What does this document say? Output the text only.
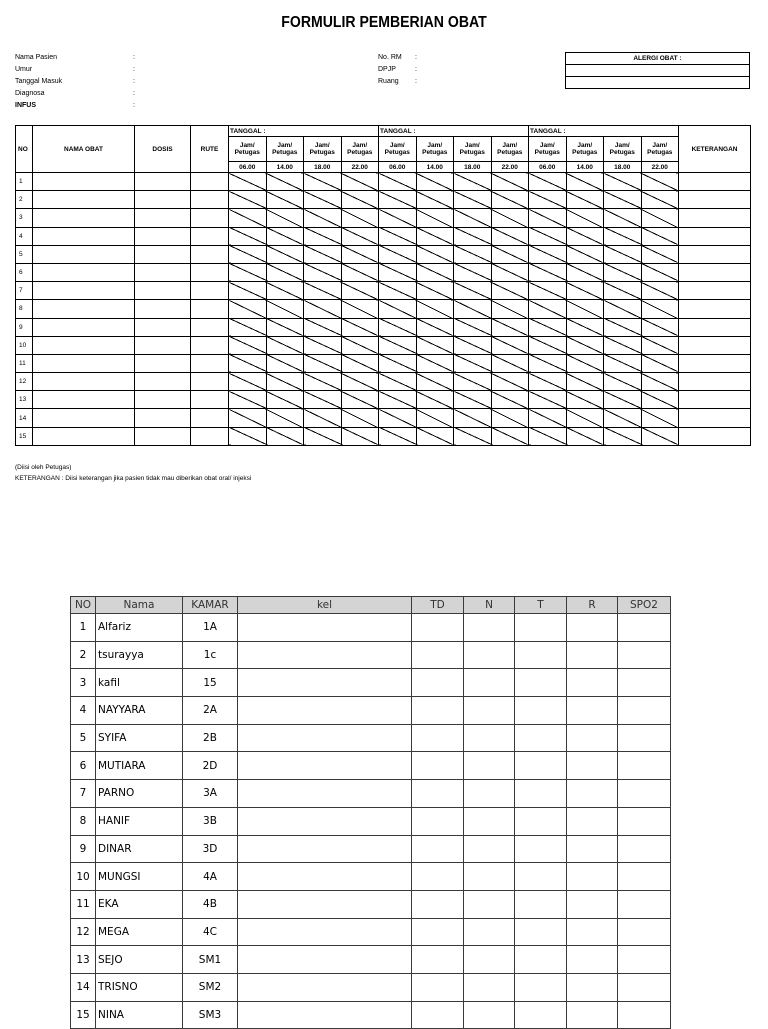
FORMULIR PEMBERIAN OBAT
Nama Pasien	:
Umur	:
Tanggal Masuk	:
Diagnosa	:
INFUS	:
No. RM :
DPJP	:
Ruang :
ALERGI OBAT :

NO	NAMA OBAT	DOSIS	RUTE	TANGGAL :				TANGGAL :				TANGGAL :				KETERANGAN
				Jam/ Petugas	Jam/ Petugas	Jam/ Petugas	Jam/ Petugas	Jam/ Petugas	Jam/ Petugas	Jam/ Petugas	Jam/ Petugas	Jam/ Petugas	Jam/ Petugas	Jam/ Petugas	Jam/ Petugas	
				06.00	14.00	18.00	22.00	06.00	14.00	18.00	22.00	06.00	14.00	18.00	22.00	
1																
2																
3																
4																
5																
6																
7																
8																
9																
10																
11																
12																
13																
14																
15																
(Diisi oleh Petugas)
KETERANGAN : Diisi keterangan jika pasien tidak mau diberikan obat oral/ injeksi
NO	Nama	KAMAR	kel	TD	N	T	R	SPO2
1	Alfariz	1A						
2	tsurayya	1c						
3	kafil	15						
4	NAYYARA	2A						
5	SYIFA	2B						
6	MUTIARA	2D						
7	PARNO	3A						
8	HANIF	3B						
9	DINAR	3D						
10	MUNGSI	4A						
11	EKA	4B						
12	MEGA	4C						
13	SEJO	SM1						
14	TRISNO	SM2						
15	NINA	SM3						
